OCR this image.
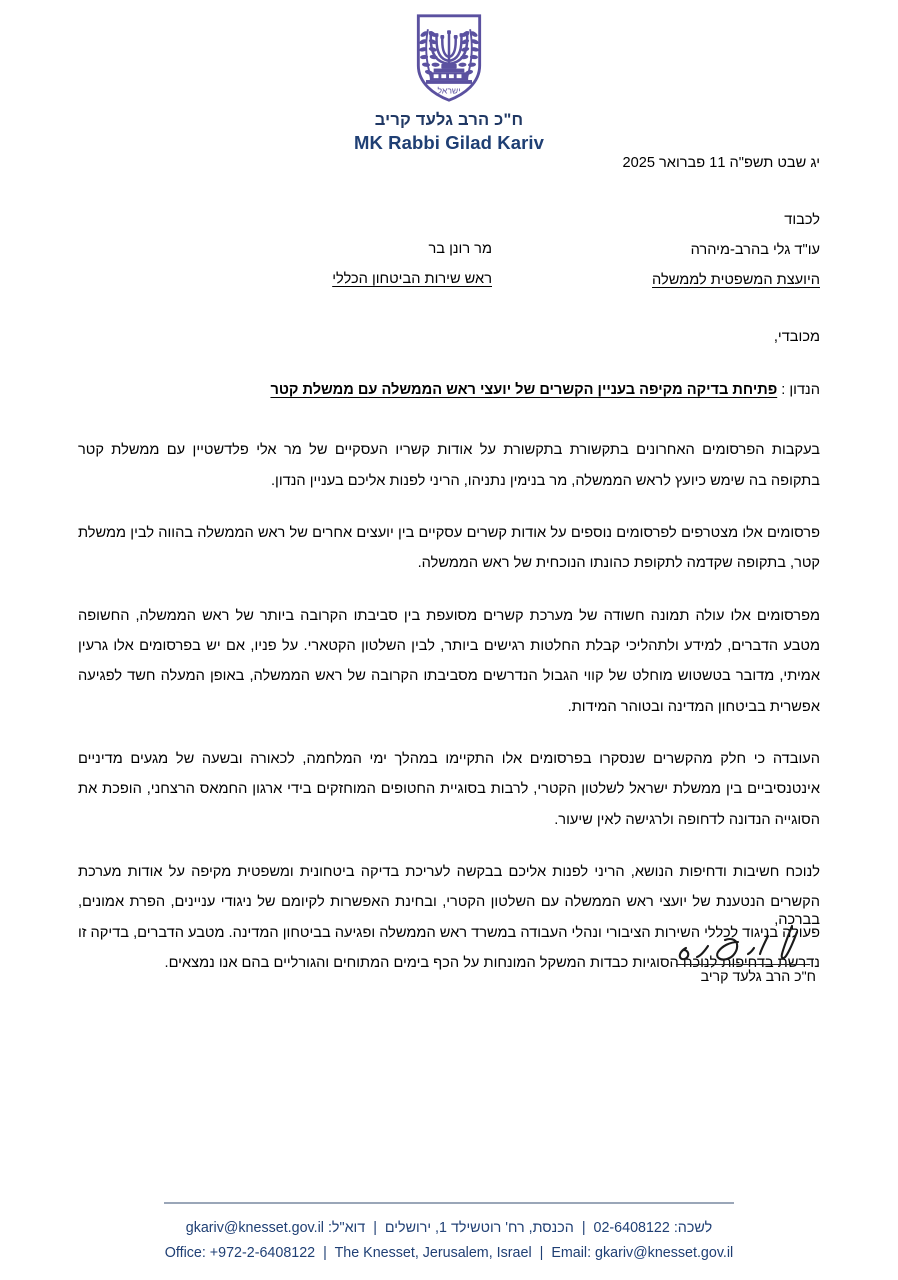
ישראל
ח"כ הרב גלעד קריב
MK Rabbi Gilad Kariv
יג שבט תשפ"ה 11 פברואר 2025
לכבוד
עו"ד גלי בהרב-מיהרה
היועצת המשפטית לממשלה
מר רונן בר
ראש שירות הביטחון הכללי
מכובדי,
הנדון : פתיחת בדיקה מקיפה בעניין הקשרים של יועצי ראש הממשלה עם ממשלת קטר

בעקבות הפרסומים האחרונים בתקשורת בתקשורת על אודות קשריו העסקיים של מר אלי פלדשטיין עם ממשלת קטר בתקופה בה שימש כיועץ לראש הממשלה, מר בנימין נתניהו, הריני לפנות אליכם בעניין הנדון.

פרסומים אלו מצטרפים לפרסומים נוספים על אודות קשרים עסקיים בין יועצים אחרים של ראש הממשלה בהווה לבין ממשלת קטר, בתקופה שקדמה לתקופת כהונתו הנוכחית של ראש הממשלה.

מפרסומים אלו עולה תמונה חשודה של מערכת קשרים מסועפת בין סביבתו הקרובה ביותר של ראש הממשלה, החשופה מטבע הדברים, למידע ולתהליכי קבלת החלטות רגישים ביותר, לבין השלטון הקטארי. על פניו, אם יש בפרסומים אלו גרעין אמיתי, מדובר בטשטוש מוחלט של קווי הגבול הנדרשים מסביבתו הקרובה של ראש הממשלה, באופן המעלה חשד לפגיעה אפשרית בביטחון המדינה ובטוהר המידות.

העובדה כי חלק מהקשרים שנסקרו בפרסומים אלו התקיימו במהלך ימי המלחמה, לכאורה ובשעה של מגעים מדיניים אינטנסיביים בין ממשלת ישראל לשלטון הקטרי, לרבות בסוגיית החטופים המוחזקים בידי ארגון החמאס הרצחני, הופכת את הסוגייה הנדונה לדחופה ולרגישה לאין שיעור.

לנוכח חשיבות ודחיפות הנושא, הריני לפנות אליכם בבקשה לעריכת בדיקה ביטחונית ומשפטית מקיפה על אודות מערכת הקשרים הנטענת של יועצי ראש הממשלה עם השלטון הקטרי, ובחינת האפשרות לקיומם של ניגודי עניינים, הפרת אמונים, פעולה בניגוד לכללי השירות הציבורי ונהלי העבודה במשרד ראש הממשלה ופגיעה בביטחון המדינה. מטבע הדברים, בדיקה זו נדרשת בדחיפות לנוכח הסוגיות כבדות המשקל המונחות על הכף בימים המתוחים והגורליים בהם אנו נמצאים.

בברכה,
ח"כ הרב גלעד קריב
לשכה: 02-6408122 | הכנסת, רח' רוטשילד 1, ירושלים | דוא"ל: gkariv@knesset.gov.il
Office: +972-2-6408122 | The Knesset, Jerusalem, Israel | Email: gkariv@knesset.gov.il
